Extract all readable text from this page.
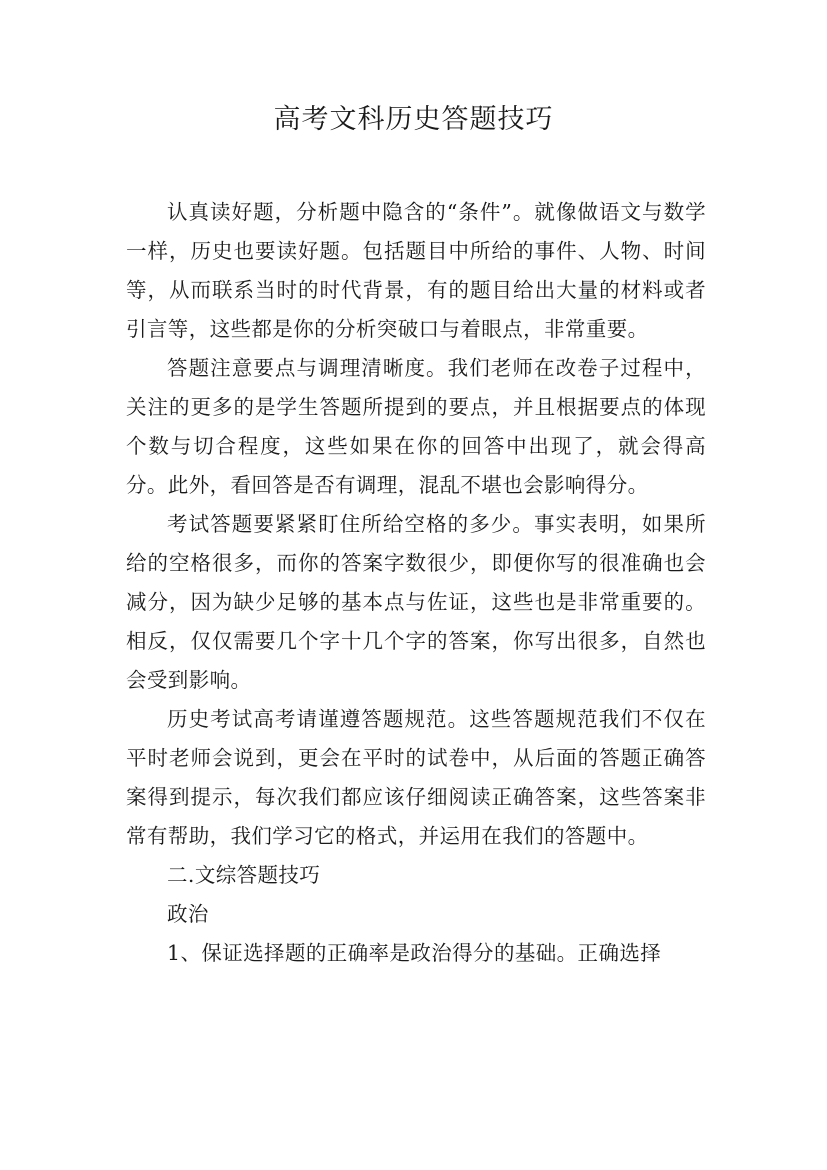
高考文科历史答题技巧

认真读好题，分析题中隐含的“条件”。就像做语文与数学一样，历史也要读好题。包括题目中所给的事件、人物、时间等，从而联系当时的时代背景，有的题目给出大量的材料或者引言等，这些都是你的分析突破口与着眼点，非常重要。

答题注意要点与调理清晰度。我们老师在改卷子过程中，关注的更多的是学生答题所提到的要点，并且根据要点的体现个数与切合程度，这些如果在你的回答中出现了，就会得高分。此外，看回答是否有调理，混乱不堪也会影响得分。

考试答题要紧紧盯住所给空格的多少。事实表明，如果所给的空格很多，而你的答案字数很少，即便你写的很准确也会减分，因为缺少足够的基本点与佐证，这些也是非常重要的。相反，仅仅需要几个字十几个字的答案，你写出很多，自然也会受到影响。

历史考试高考请谨遵答题规范。这些答题规范我们不仅在平时老师会说到，更会在平时的试卷中，从后面的答题正确答案得到提示，每次我们都应该仔细阅读正确答案，这些答案非常有帮助，我们学习它的格式，并运用在我们的答题中。

二.文综答题技巧

政治

1、保证选择题的正确率是政治得分的基础。正确选择
